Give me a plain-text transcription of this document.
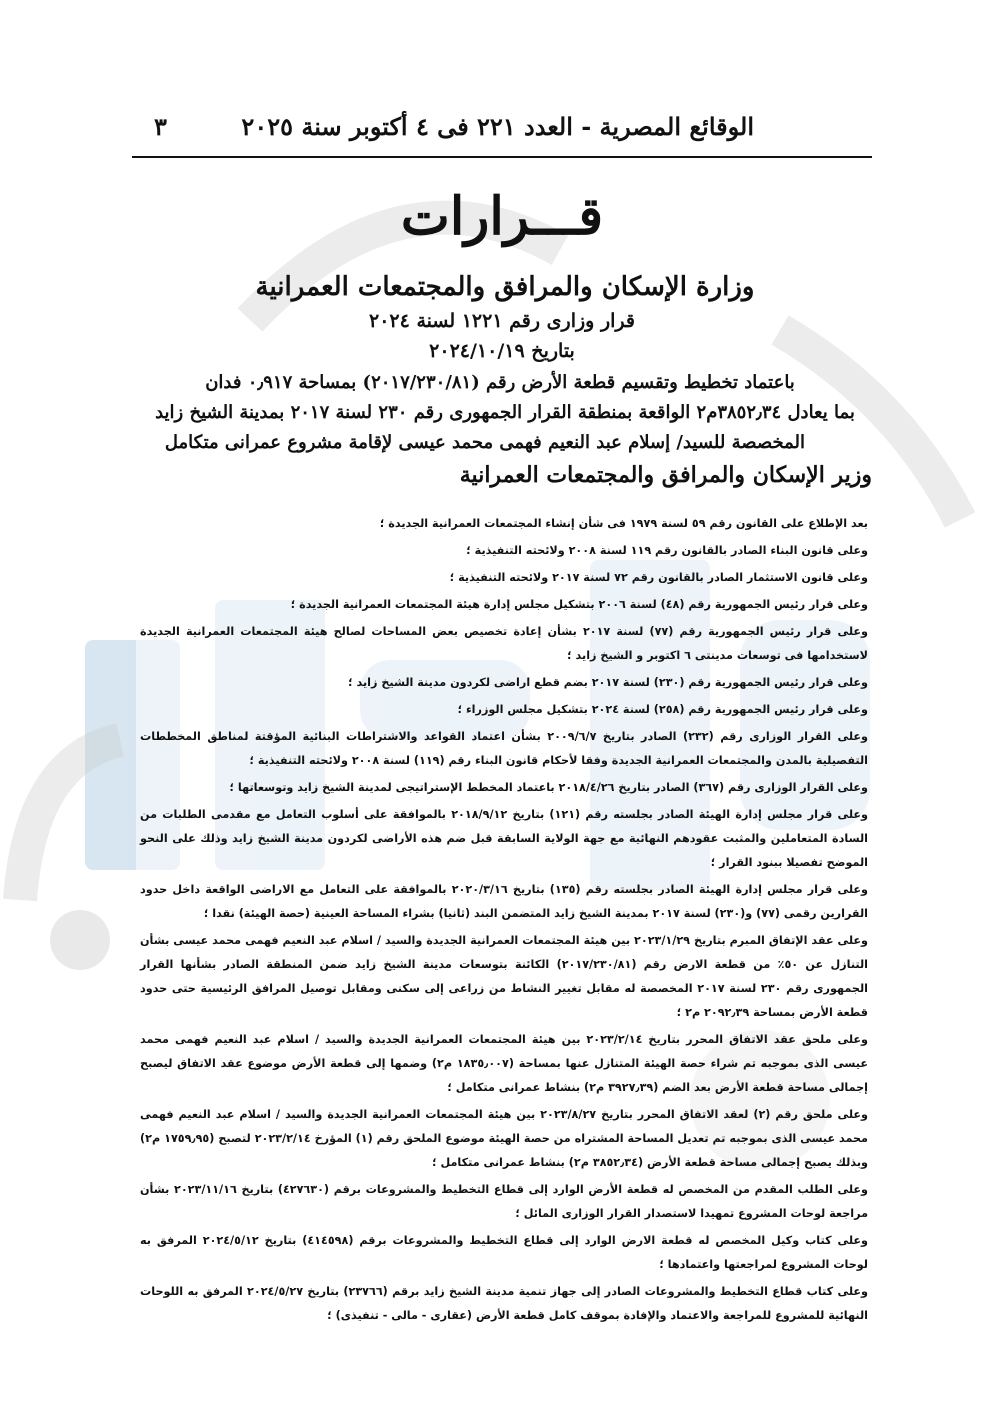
الوقائع المصرية - العدد ٢٢١ فى ٤ أكتوبر سنة ٢٠٢٥
٣
قـــرارات
وزارة الإسكان والمرافق والمجتمعات العمرانية
قرار وزارى رقم ١٢٢١ لسنة ٢٠٢٤
بتاريخ ٢٠٢٤/١٠/١٩
باعتماد تخطيط وتقسيم قطعة الأرض رقم (٢٠١٧/٢٣٠/٨١) بمساحة ٠٫٩١٧ فدان
بما يعادل ٣٨٥٢٫٣٤م٢ الواقعة بمنطقة القرار الجمهورى رقم ٢٣٠ لسنة ٢٠١٧ بمدينة الشيخ زايد
المخصصة للسيد/ إسلام عبد النعيم فهمى محمد عيسى لإقامة مشروع عمرانى متكامل
وزير الإسكان والمرافق والمجتمعات العمرانية

بعد الإطلاع على القانون رقم ٥٩ لسنة ١٩٧٩ فى شأن إنشاء المجتمعات العمرانية الجديدة ؛

وعلى قانون البناء الصادر بالقانون رقم ١١٩ لسنة ٢٠٠٨ ولائحته التنفيذية ؛

وعلى قانون الاستثمار الصادر بالقانون رقم ٧٢ لسنة ٢٠١٧ ولائحته التنفيذية ؛

وعلى قرار رئيس الجمهورية رقم (٤٨) لسنة ٢٠٠٦ بتشكيل مجلس إدارة هيئة المجتمعات العمرانية الجديدة ؛

وعلى قرار رئيس الجمهورية رقم (٧٧) لسنة ٢٠١٧ بشأن إعادة تخصيص بعض المساحات لصالح هيئة المجتمعات العمرانية الجديدة لاستخدامها فى توسعات مدينتى ٦ اكتوبر و الشيخ زايد ؛

وعلى قرار رئيس الجمهورية رقم (٢٣٠) لسنة ٢٠١٧ بضم قطع اراضى لكردون مدينة الشيخ زايد ؛

وعلى قرار رئيس الجمهورية رقم (٢٥٨) لسنة ٢٠٢٤ بتشكيل مجلس الوزراء ؛

وعلى القرار الوزارى رقم (٢٣٢) الصادر بتاريخ ٢٠٠٩/٦/٧ بشأن اعتماد القواعد والاشتراطات البنائية المؤقتة لمناطق المخططات التفصيلية بالمدن والمجتمعات العمرانية الجديدة وفقا لأحكام قانون البناء رقم (١١٩) لسنة ٢٠٠٨ ولائحته التنفيذية ؛

وعلى القرار الوزارى رقم (٣٦٧) الصادر بتاريخ ٢٠١٨/٤/٢٦ باعتماد المخطط الإستراتيجى لمدينة الشيخ زايد وتوسعاتها ؛

وعلى قرار مجلس إدارة الهيئة الصادر بجلسته رقم (١٢١) بتاريخ ٢٠١٨/٩/١٢ بالموافقة على أسلوب التعامل مع مقدمى الطلبات من السادة المتعاملين والمثبت عقودهم النهائية مع جهة الولاية السابقة قبل ضم هذه الأراضى لكردون مدينة الشيخ زايد وذلك على النحو الموضح تفصيلا ببنود القرار ؛

وعلى قرار مجلس إدارة الهيئة الصادر بجلسته رقم (١٣٥) بتاريخ ٢٠٢٠/٣/١٦ بالموافقة على التعامل مع الاراضى الواقعة داخل حدود القرارين رقمى (٧٧) و(٢٣٠) لسنة ٢٠١٧ بمدينة الشيخ زايد المتضمن البند (ثانيا) بشراء المساحة العينية (حصة الهيئة) نقدا ؛

وعلى عقد الإتفاق المبرم بتاريخ ٢٠٢٣/١/٢٩ بين هيئة المجتمعات العمرانية الجديدة والسيد / اسلام عبد النعيم فهمى محمد عيسى بشأن التنازل عن ٥٠٪ من قطعة الارض رقم (٢٠١٧/٢٣٠/٨١) الكائنة بتوسعات مدينة الشيخ زايد ضمن المنطقة الصادر بشأنها القرار الجمهورى رقم ٢٣٠ لسنة ٢٠١٧ المخصصة له مقابل تغيير النشاط من زراعى إلى سكنى ومقابل توصيل المرافق الرئيسية حتى حدود قطعة الأرض بمساحة ٢٠٩٢٫٣٩ م٢ ؛

وعلى ملحق عقد الاتفاق المحرر بتاريخ ٢٠٢٣/٢/١٤ بين هيئة المجتمعات العمرانية الجديدة والسيد / اسلام عبد النعيم فهمى محمد عيسى الذى بموجبه تم شراء حصة الهيئة المتنازل عنها بمساحة (١٨٣٥٫٠٠٧ م٢) وضمها إلى قطعة الأرض موضوع عقد الاتفاق ليصبح إجمالى مساحة قطعة الأرض بعد الضم (٣٩٢٧٫٣٩ م٢) بنشاط عمرانى متكامل ؛

وعلى ملحق رقم (٢) لعقد الاتفاق المحرر بتاريخ ٢٠٢٣/٨/٢٧ بين هيئة المجتمعات العمرانية الجديدة والسيد / اسلام عبد النعيم فهمى محمد عيسى الذى بموجبه تم تعديل المساحة المشتراه من حصة الهيئة موضوع الملحق رقم (١) المؤرخ ٢٠٢٣/٢/١٤ لتصبح (١٧٥٩٫٩٥ م٢) وبذلك يصبح إجمالى مساحة قطعة الأرض (٣٨٥٢٫٣٤ م٢) بنشاط عمرانى متكامل ؛

وعلى الطلب المقدم من المخصص له قطعة الأرض الوارد إلى قطاع التخطيط والمشروعات برقم (٤٢٧٦٣٠) بتاريخ ٢٠٢٣/١١/١٦ بشأن مراجعة لوحات المشروع تمهيدا لاستصدار القرار الوزارى المائل ؛

وعلى كتاب وكيل المخصص له قطعة الارض الوارد إلى قطاع التخطيط والمشروعات برقم (٤١٤٥٩٨) بتاريخ ٢٠٢٤/٥/١٢ المرفق به لوحات المشروع لمراجعتها واعتمادها ؛

وعلى كتاب قطاع التخطيط والمشروعات الصادر إلى جهاز تنمية مدينة الشيخ زايد برقم (٢٣٧٦٦) بتاريخ ٢٠٢٤/٥/٢٧ المرفق به اللوحات النهائية للمشروع للمراجعة والاعتماد والإفادة بموقف كامل قطعة الأرض (عقارى - مالى - تنفيذى) ؛
